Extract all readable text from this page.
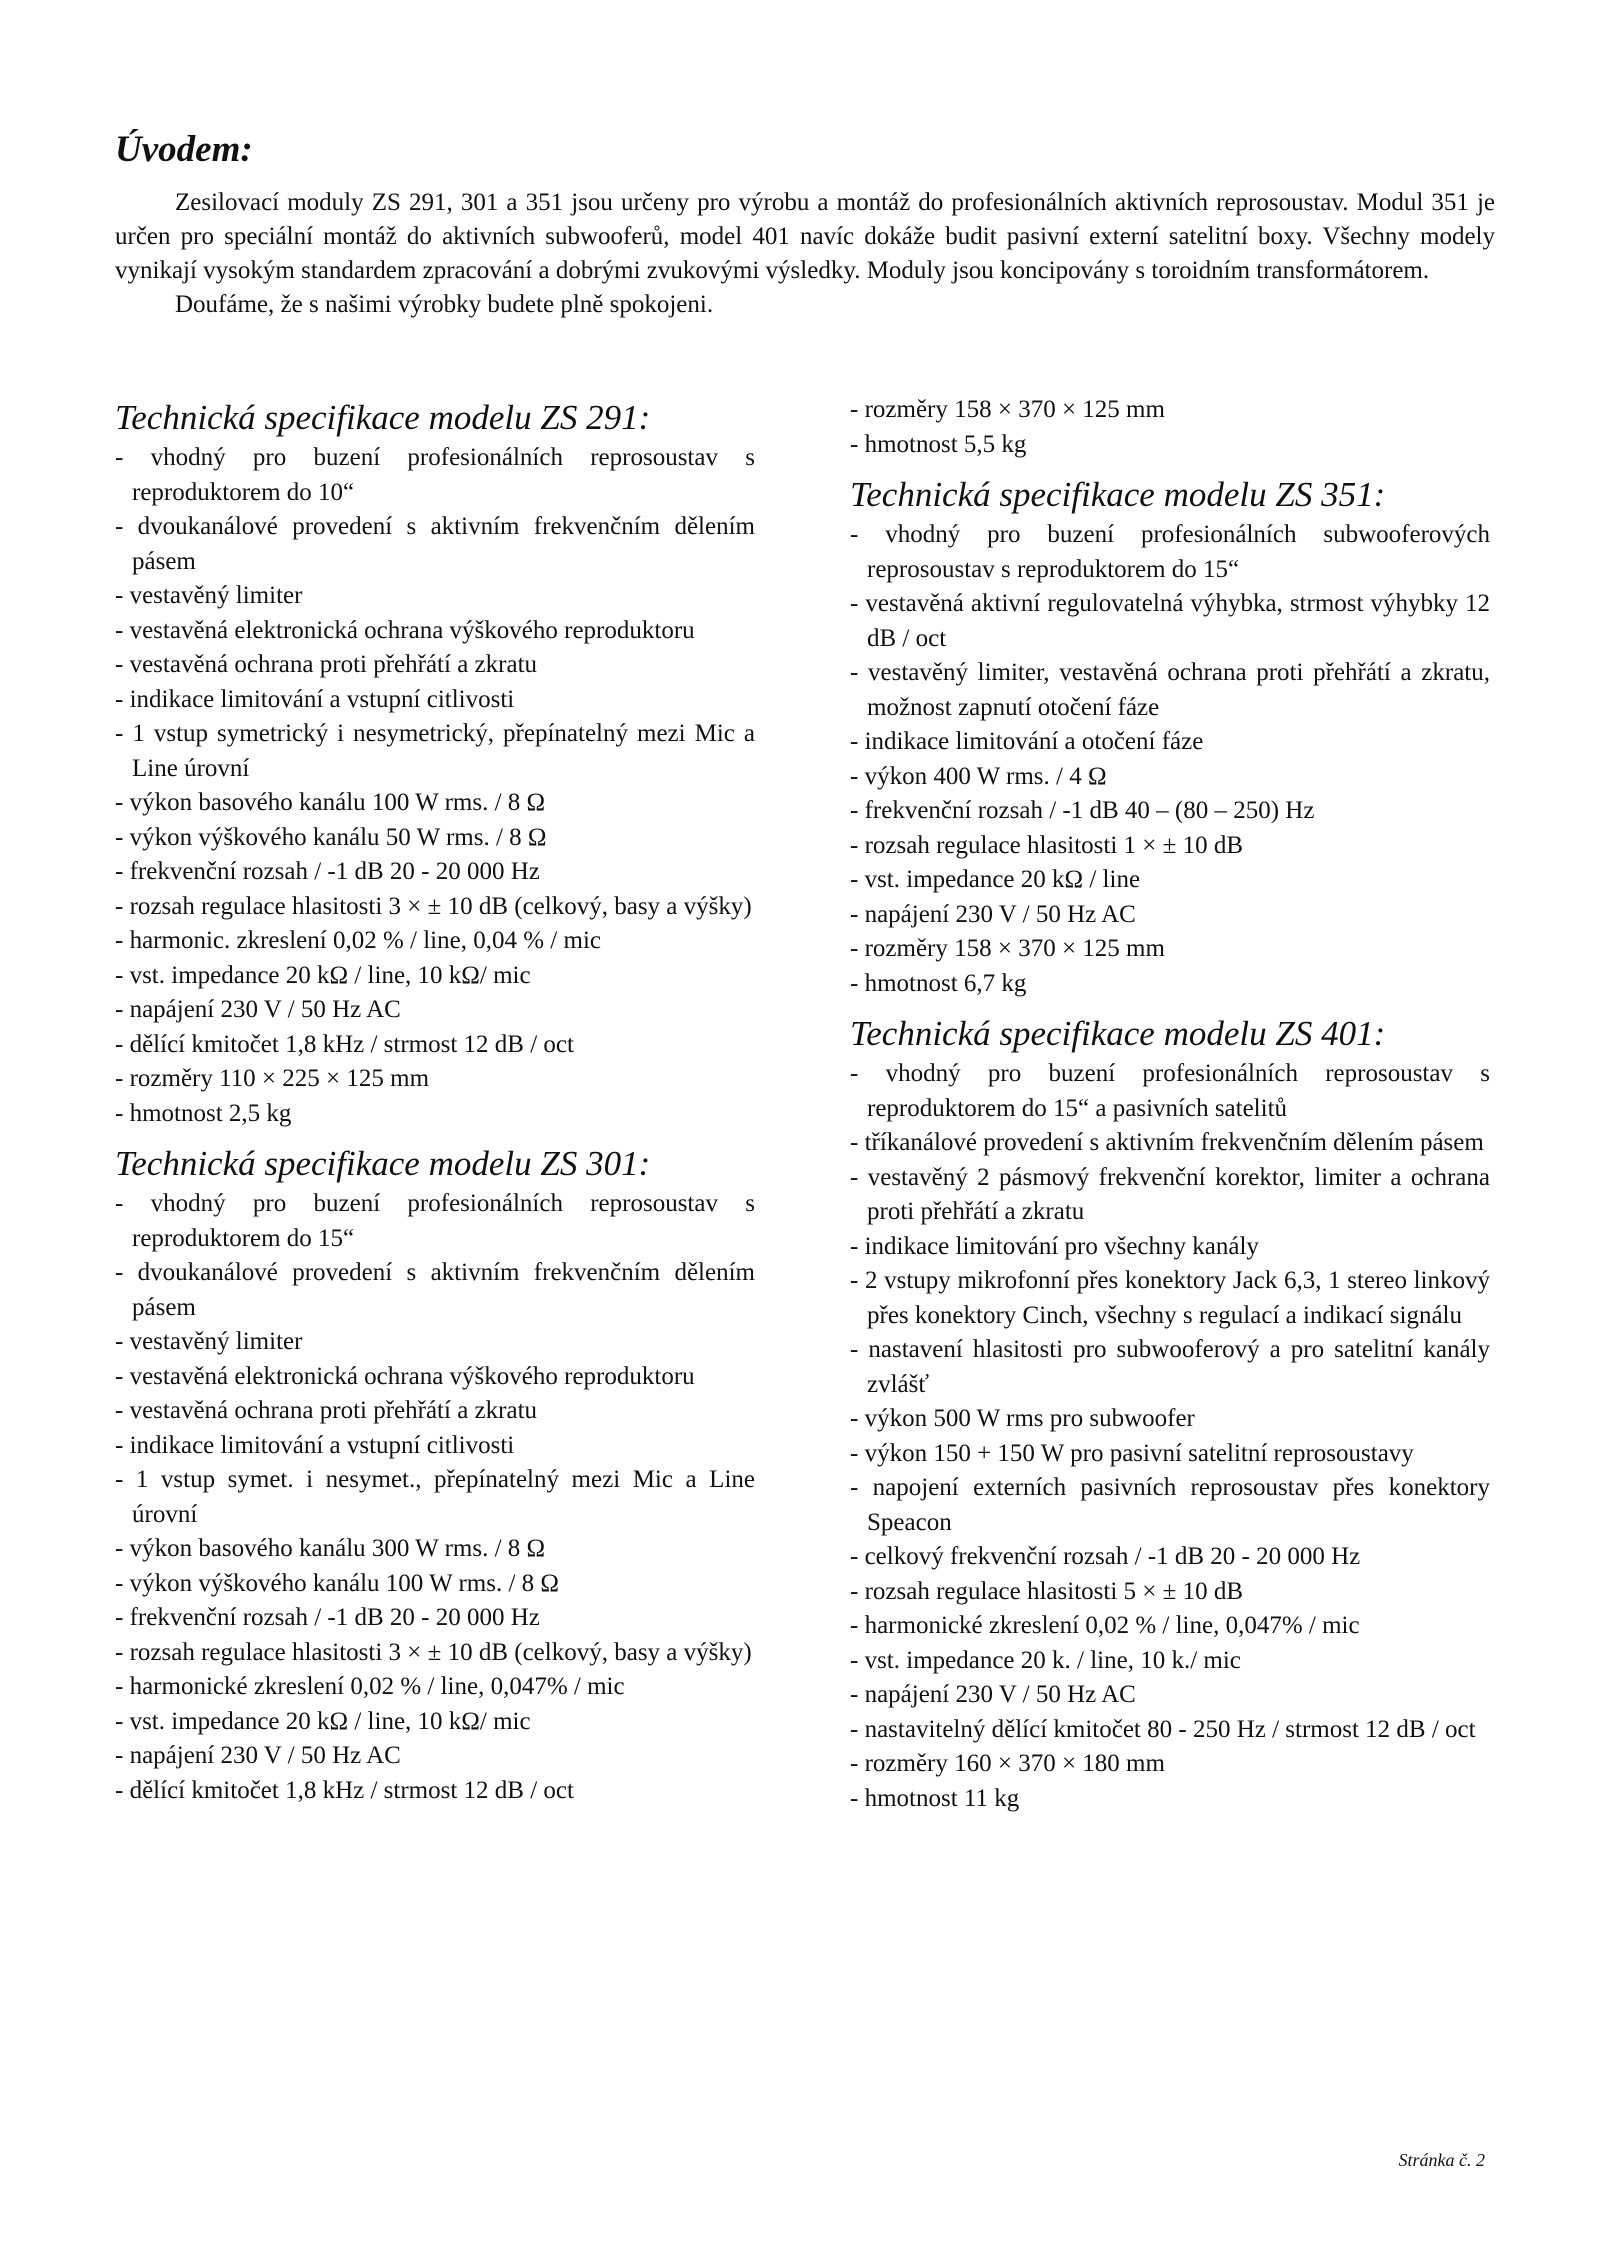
Úvodem:

Zesilovací moduly ZS 291, 301 a 351 jsou určeny pro výrobu a montáž do profesionálních aktivních reprosoustav. Modul 351 je určen pro speciální montáž do aktivních subwooferů, model 401 navíc dokáže budit pasivní externí satelitní boxy. Všechny modely vynikají vysokým standardem zpracování a dobrými zvukovými výsledky. Moduly jsou koncipovány s toroidním transformátorem.

Doufáme, že s našimi výrobky budete plně spokojeni.

Technická specifikace modelu ZS 291:
- vhodný pro buzení profesionálních reprosoustav s reproduktorem do 10“
- dvoukanálové provedení s aktivním frekvenčním dělením pásem
- vestavěný limiter
- vestavěná elektronická ochrana výškového reproduktoru
- vestavěná ochrana proti přehřátí a zkratu
- indikace limitování a vstupní citlivosti
- 1 vstup symetrický i nesymetrický, přepínatelný mezi Mic a Line úrovní
- výkon basového kanálu 100 W rms. / 8 Ω
- výkon výškového kanálu 50 W rms. / 8 Ω
- frekvenční rozsah / -1 dB 20 - 20 000 Hz
- rozsah regulace hlasitosti 3 × ± 10 dB (celkový, basy a výšky)
- harmonic. zkreslení 0,02 % / line, 0,04 % / mic
- vst. impedance 20 kΩ / line, 10 kΩ/ mic
- napájení 230 V / 50 Hz AC
- dělící kmitočet 1,8 kHz / strmost 12 dB / oct
- rozměry 110 × 225 × 125 mm
- hmotnost 2,5 kg
Technická specifikace modelu ZS 301:
- vhodný pro buzení profesionálních reprosoustav s reproduktorem do 15“
- dvoukanálové provedení s aktivním frekvenčním dělením pásem
- vestavěný limiter
- vestavěná elektronická ochrana výškového reproduktoru
- vestavěná ochrana proti přehřátí a zkratu
- indikace limitování a vstupní citlivosti
- 1 vstup symet. i nesymet., přepínatelný mezi Mic a Line úrovní
- výkon basového kanálu 300 W rms. / 8 Ω
- výkon výškového kanálu 100 W rms. / 8 Ω
- frekvenční rozsah / -1 dB 20 - 20 000 Hz
- rozsah regulace hlasitosti 3 × ± 10 dB (celkový, basy a výšky)
- harmonické zkreslení 0,02 % / line, 0,047% / mic
- vst. impedance 20 kΩ / line, 10 kΩ/ mic
- napájení 230 V / 50 Hz AC
- dělící kmitočet 1,8 kHz / strmost 12 dB / oct
- rozměry 158 × 370 × 125 mm
- hmotnost 5,5 kg
Technická specifikace modelu ZS 351:
- vhodný pro buzení profesionálních subwooferových reprosoustav s reproduktorem do 15“
- vestavěná aktivní regulovatelná výhybka, strmost výhybky 12 dB / oct
- vestavěný limiter, vestavěná ochrana proti přehřátí a zkratu, možnost zapnutí otočení fáze
- indikace limitování a otočení fáze
- výkon 400 W rms. / 4 Ω
- frekvenční rozsah / -1 dB 40 – (80 – 250) Hz
- rozsah regulace hlasitosti 1 × ± 10 dB
- vst. impedance 20 kΩ / line
- napájení 230 V / 50 Hz AC
- rozměry 158 × 370 × 125 mm
- hmotnost 6,7 kg
Technická specifikace modelu ZS 401:
- vhodný pro buzení profesionálních reprosoustav s reproduktorem do 15“ a pasivních satelitů
- tříkanálové provedení s aktivním frekvenčním dělením pásem
- vestavěný 2 pásmový frekvenční korektor, limiter a ochrana proti přehřátí a zkratu
- indikace limitování pro všechny kanály
- 2 vstupy mikrofonní přes konektory Jack 6,3, 1 stereo linkový přes konektory Cinch, všechny s regulací a indikací signálu
- nastavení hlasitosti pro subwooferový a pro satelitní kanály zvlášť
- výkon 500 W rms pro subwoofer
- výkon 150 + 150 W pro pasivní satelitní reprosoustavy
- napojení externích pasivních reprosoustav přes konektory Speacon
- celkový frekvenční rozsah / -1 dB 20 - 20 000 Hz
- rozsah regulace hlasitosti 5 × ± 10 dB
- harmonické zkreslení 0,02 % / line, 0,047% / mic
- vst. impedance 20 k. / line, 10 k./ mic
- napájení 230 V / 50 Hz AC
- nastavitelný dělící kmitočet 80 - 250 Hz / strmost 12 dB / oct
- rozměry 160 × 370 × 180 mm
- hmotnost 11 kg

Stránka č. 2
